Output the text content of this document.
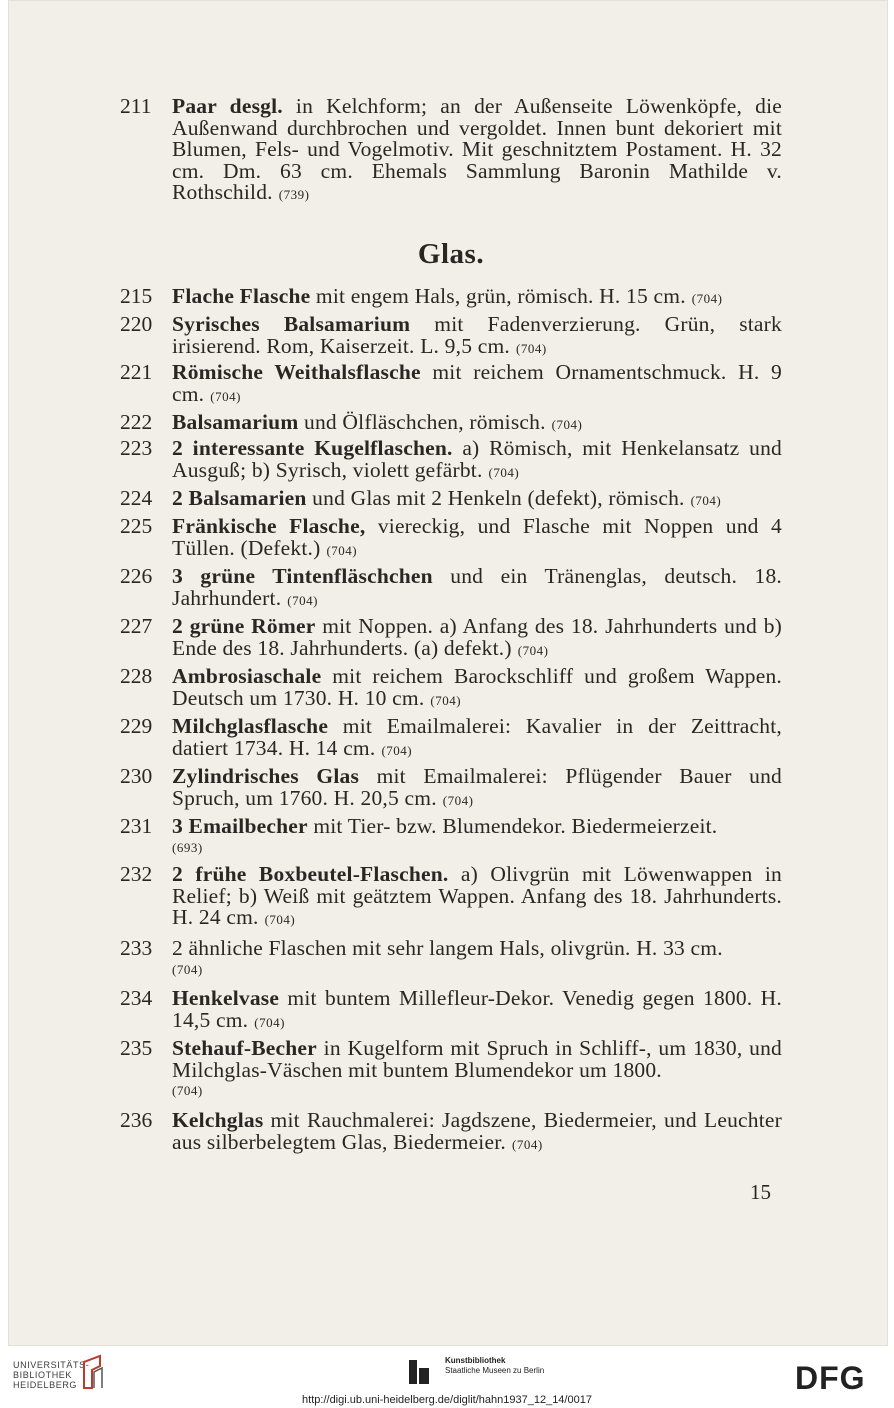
211 Paar desgl. in Kelchform; an der Außenseite Löwenköpfe, die Außenwand durchbrochen und vergoldet. Innen bunt dekoriert mit Blumen, Fels- und Vogelmotiv. Mit geschnitztem Postament. H. 32 cm. Dm. 63 cm. Ehemals Sammlung Baronin Mathilde v. Rothschild. (739)
Glas.
215 Flache Flasche mit engem Hals, grün, römisch. H. 15 cm. (704)
220 Syrisches Balsamarium mit Fadenverzierung. Grün, stark irisierend. Rom, Kaiserzeit. L. 9,5 cm. (704)
221 Römische Weithalsflasche mit reichem Ornamentschmuck. H. 9 cm. (704)
222 Balsamarium und Ölfläschchen, römisch. (704)
223 2 interessante Kugelflaschen. a) Römisch, mit Henkelansatz und Ausguß; b) Syrisch, violett gefärbt. (704)
224 2 Balsamarien und Glas mit 2 Henkeln (defekt), römisch. (704)
225 Fränkische Flasche, viereckig, und Flasche mit Noppen und 4 Tüllen. (Defekt.) (704)
226 3 grüne Tintenfläschchen und ein Tränenglas, deutsch. 18. Jahrhundert. (704)
227 2 grüne Römer mit Noppen. a) Anfang des 18. Jahrhunderts und b) Ende des 18. Jahrhunderts. (a) defekt.) (704)
228 Ambrosiaschale mit reichem Barockschliff und großem Wappen. Deutsch um 1730. H. 10 cm. (704)
229 Milchglasflasche mit Emailmalerei: Kavalier in der Zeittracht, datiert 1734. H. 14 cm. (704)
230 Zylindrisches Glas mit Emailmalerei: Pflügender Bauer und Spruch, um 1760. H. 20,5 cm. (704)
231 3 Emailbecher mit Tier- bzw. Blumendekor. Biedermeierzeit.
(693)
232 2 frühe Boxbeutel-Flaschen. a) Olivgrün mit Löwenwappen in Relief; b) Weiß mit geätztem Wappen. Anfang des 18. Jahrhunderts. H. 24 cm. (704)
233 2 ähnliche Flaschen mit sehr langem Hals, olivgrün. H. 33 cm.
(704)
234 Henkelvase mit buntem Millefleur-Dekor. Venedig gegen 1800. H. 14,5 cm. (704)
235 Stehauf-Becher in Kugelform mit Spruch in Schliff-, um 1830, und Milchglas-Väschen mit buntem Blumendekor um 1800.
(704)
236 Kelchglas mit Rauchmalerei: Jagdszene, Biedermeier, und Leuchter aus silberbelegtem Glas, Biedermeier. (704)
15
UNIVERSITÄTS-
BIBLIOTHEK
HEIDELBERG
Kunstbibliothek
Staatliche Museen zu Berlin	DFG
http://digi.ub.uni-heidelberg.de/diglit/hahn1937_12_14/0017
